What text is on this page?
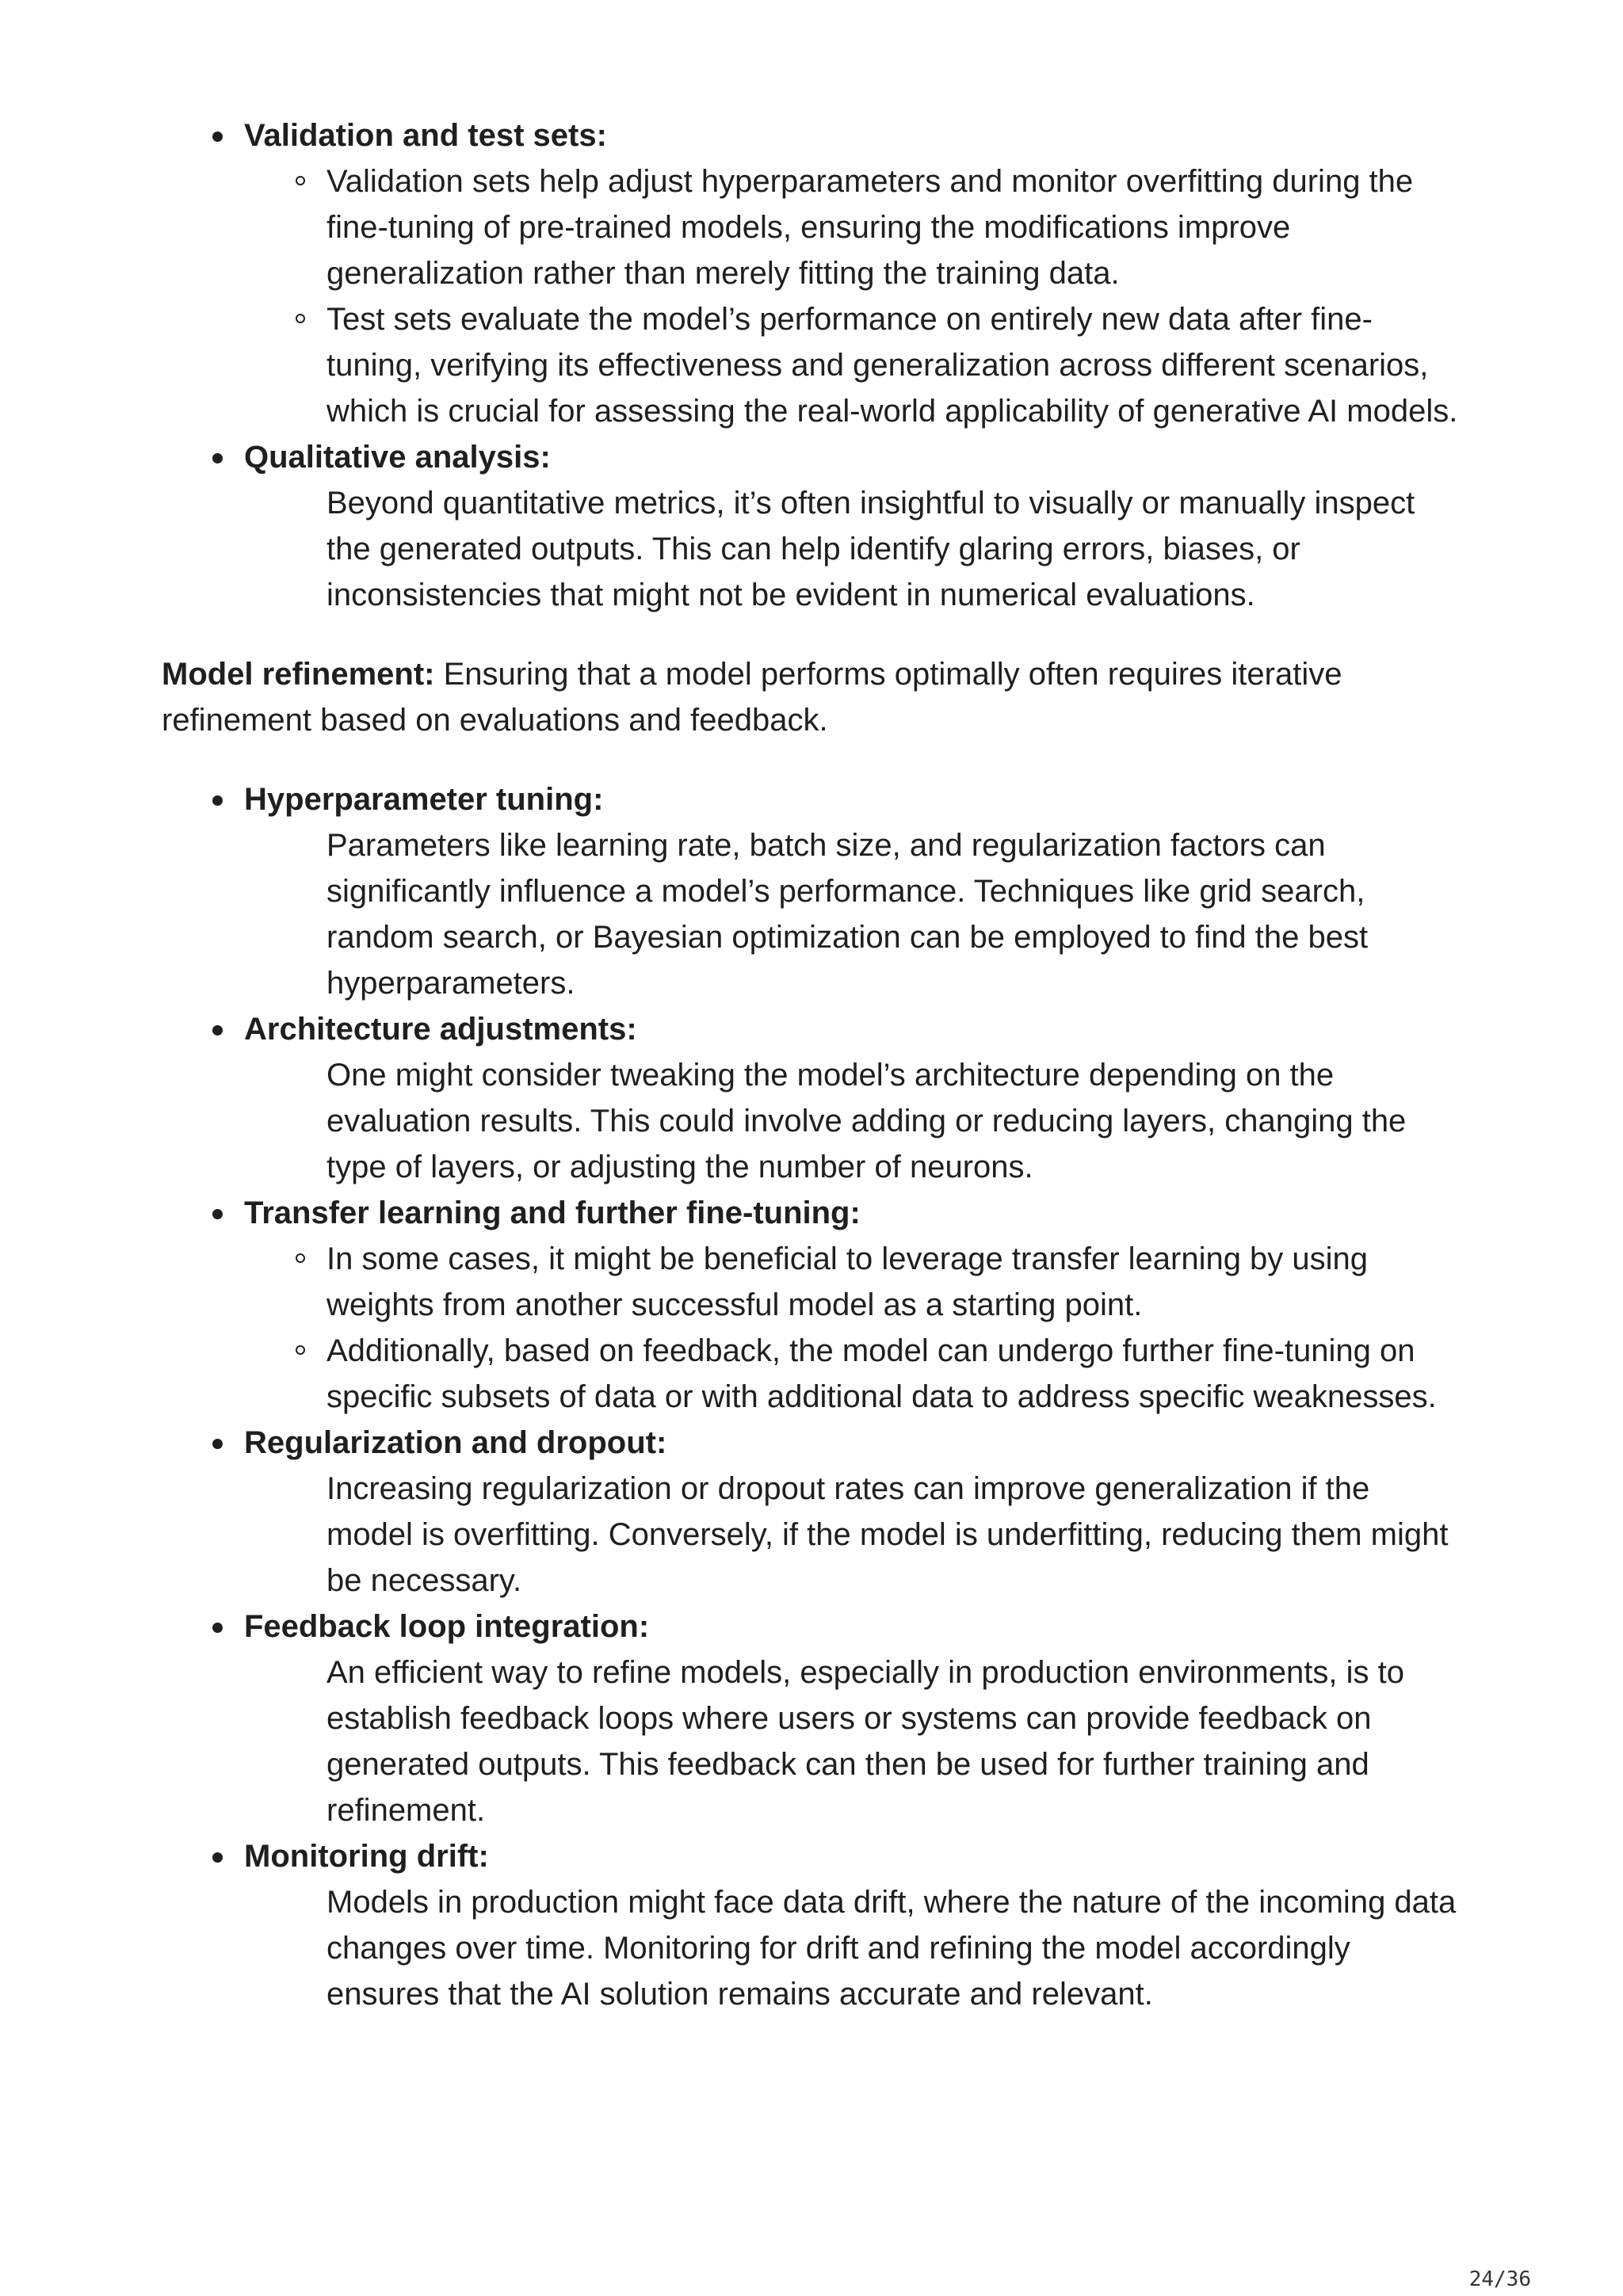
Validation and test sets:
Validation sets help adjust hyperparameters and monitor overfitting during the fine-tuning of pre-trained models, ensuring the modifications improve generalization rather than merely fitting the training data.
Test sets evaluate the model’s performance on entirely new data after fine-tuning, verifying its effectiveness and generalization across different scenarios, which is crucial for assessing the real-world applicability of generative AI models.
Qualitative analysis:
Beyond quantitative metrics, it’s often insightful to visually or manually inspect the generated outputs. This can help identify glaring errors, biases, or inconsistencies that might not be evident in numerical evaluations.

Model refinement: Ensuring that a model performs optimally often requires iterative refinement based on evaluations and feedback.

Hyperparameter tuning:
Parameters like learning rate, batch size, and regularization factors can significantly influence a model’s performance. Techniques like grid search, random search, or Bayesian optimization can be employed to find the best hyperparameters.
Architecture adjustments:
One might consider tweaking the model’s architecture depending on the evaluation results. This could involve adding or reducing layers, changing the type of layers, or adjusting the number of neurons.
Transfer learning and further fine-tuning:
In some cases, it might be beneficial to leverage transfer learning by using weights from another successful model as a starting point.
Additionally, based on feedback, the model can undergo further fine-tuning on specific subsets of data or with additional data to address specific weaknesses.
Regularization and dropout:
Increasing regularization or dropout rates can improve generalization if the model is overfitting. Conversely, if the model is underfitting, reducing them might be necessary.
Feedback loop integration:
An efficient way to refine models, especially in production environments, is to establish feedback loops where users or systems can provide feedback on generated outputs. This feedback can then be used for further training and refinement.
Monitoring drift:
Models in production might face data drift, where the nature of the incoming data changes over time. Monitoring for drift and refining the model accordingly ensures that the AI solution remains accurate and relevant.
24/36
